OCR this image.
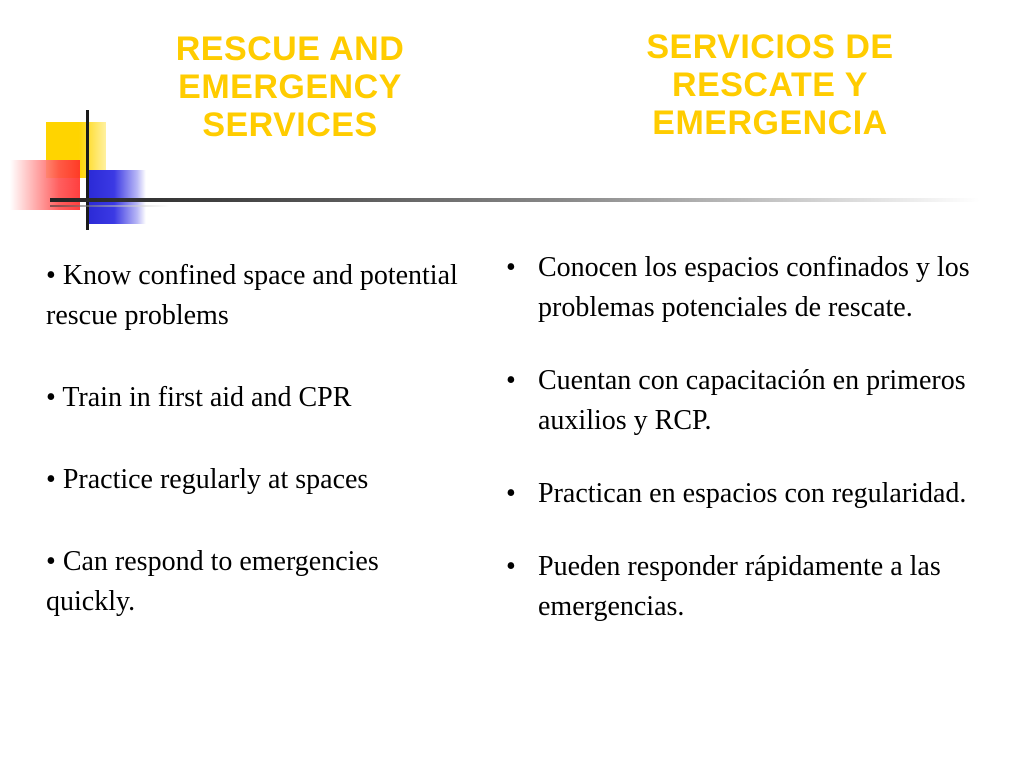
RESCUE AND
EMERGENCY
SERVICES
SERVICIOS DE
RESCATE Y
EMERGENCIA

• Know confined space and potential rescue problems

• Train in first aid and CPR

• Practice regularly at spaces

• Can respond to emergencies quickly.

• Conocen los espacios confinados y los problemas potenciales de rescate.
• Cuentan con capacitación en primeros auxilios y RCP.
• Practican en espacios con regularidad.
• Pueden responder rápidamente a las emergencias.
